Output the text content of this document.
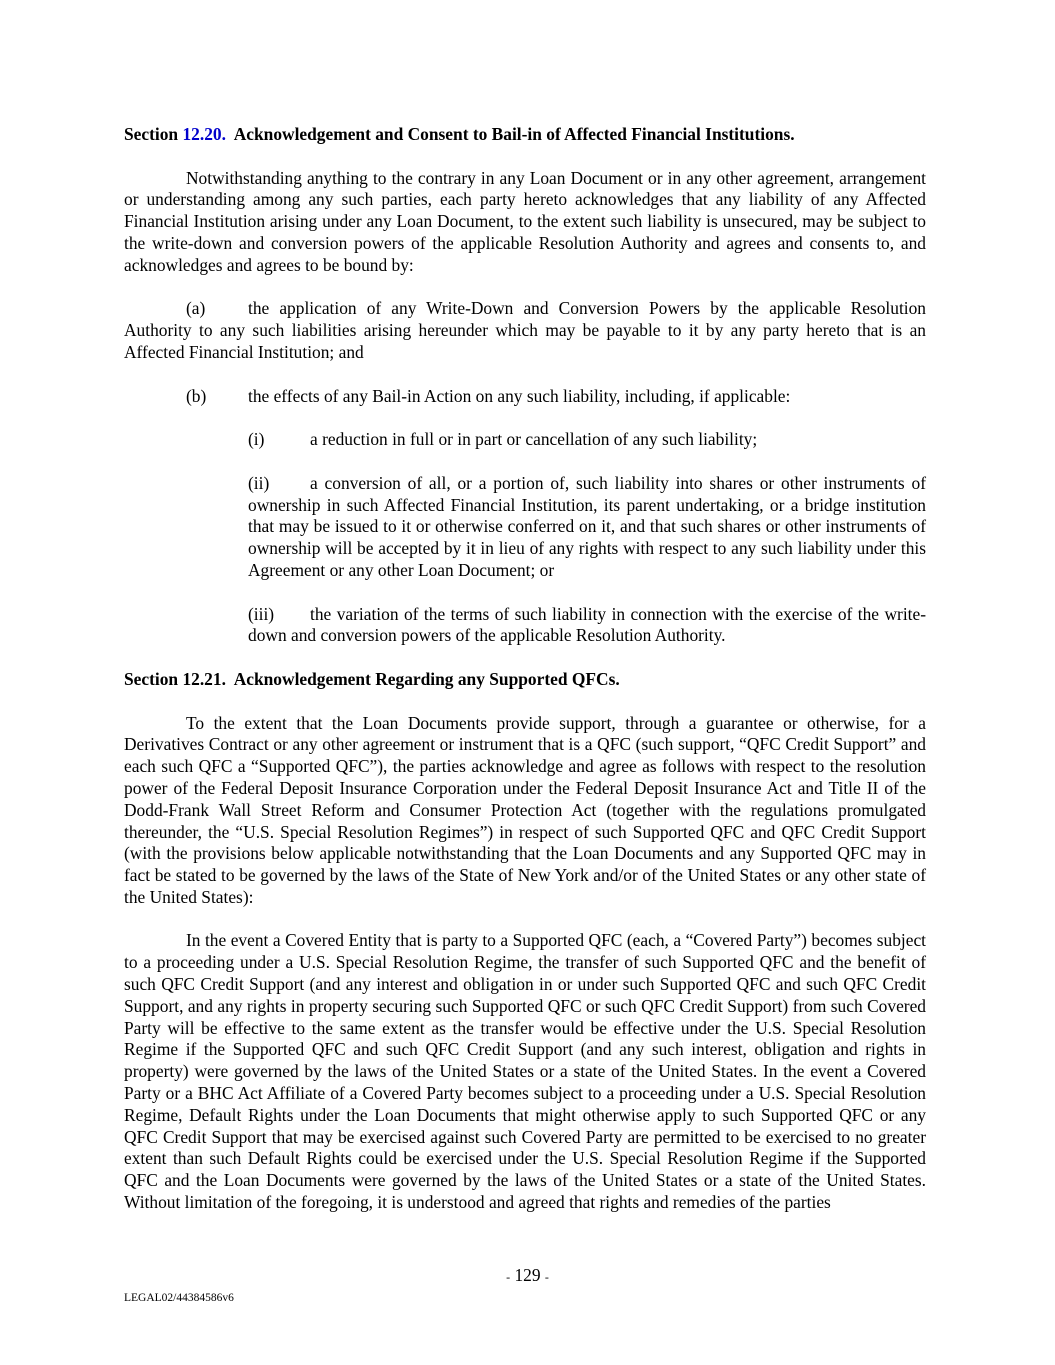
Section 12.20. Acknowledgement and Consent to Bail-in of Affected Financial Institutions.

Notwithstanding anything to the contrary in any Loan Document or in any other agreement, arrangement or understanding among any such parties, each party hereto acknowledges that any liability of any Affected Financial Institution arising under any Loan Document, to the extent such liability is unsecured, may be subject to the write-down and conversion powers of the applicable Resolution Authority and agrees and consents to, and acknowledges and agrees to be bound by:

(a) the application of any Write-Down and Conversion Powers by the applicable Resolution Authority to any such liabilities arising hereunder which may be payable to it by any party hereto that is an Affected Financial Institution; and

(b) the effects of any Bail-in Action on any such liability, including, if applicable:

(i)	a reduction in full or in part or cancellation of any such liability;

(ii) a conversion of all, or a portion of, such liability into shares or other instruments of ownership in such Affected Financial Institution, its parent undertaking, or a bridge institution that may be issued to it or otherwise conferred on it, and that such shares or other instruments of ownership will be accepted by it in lieu of any rights with respect to any such liability under this Agreement or any other Loan Document; or

(iii) the variation of the terms of such liability in connection with the exercise of the write-down and conversion powers of the applicable Resolution Authority.

Section 12.21. Acknowledgement Regarding any Supported QFCs.

To the extent that the Loan Documents provide support, through a guarantee or otherwise, for a Derivatives Contract or any other agreement or instrument that is a QFC (such support, “QFC Credit Support” and each such QFC a “Supported QFC”), the parties acknowledge and agree as follows with respect to the resolution power of the Federal Deposit Insurance Corporation under the Federal Deposit Insurance Act and Title II of the Dodd-Frank Wall Street Reform and Consumer Protection Act (together with the regulations promulgated thereunder, the “U.S. Special Resolution Regimes”) in respect of such Supported QFC and QFC Credit Support (with the provisions below applicable notwithstanding that the Loan Documents and any Supported QFC may in fact be stated to be governed by the laws of the State of New York and/or of the United States or any other state of the United States):

In the event a Covered Entity that is party to a Supported QFC (each, a “Covered Party”) becomes subject to a proceeding under a U.S. Special Resolution Regime, the transfer of such Supported QFC and the benefit of such QFC Credit Support (and any interest and obligation in or under such Supported QFC and such QFC Credit Support, and any rights in property securing such Supported QFC or such QFC Credit Support) from such Covered Party will be effective to the same extent as the transfer would be effective under the U.S. Special Resolution Regime if the Supported QFC and such QFC Credit Support (and any such interest, obligation and rights in property) were governed by the laws of the United States or a state of the United States. In the event a Covered Party or a BHC Act Affiliate of a Covered Party becomes subject to a proceeding under a U.S. Special Resolution Regime, Default Rights under the Loan Documents that might otherwise apply to such Supported QFC or any QFC Credit Support that may be exercised against such Covered Party are permitted to be exercised to no greater extent than such Default Rights could be exercised under the U.S. Special Resolution Regime if the Supported QFC and the Loan Documents were governed by the laws of the United States or a state of the United States. Without limitation of the foregoing, it is understood and agreed that rights and remedies of the parties

- 129 -
LEGAL02/44384586v6
